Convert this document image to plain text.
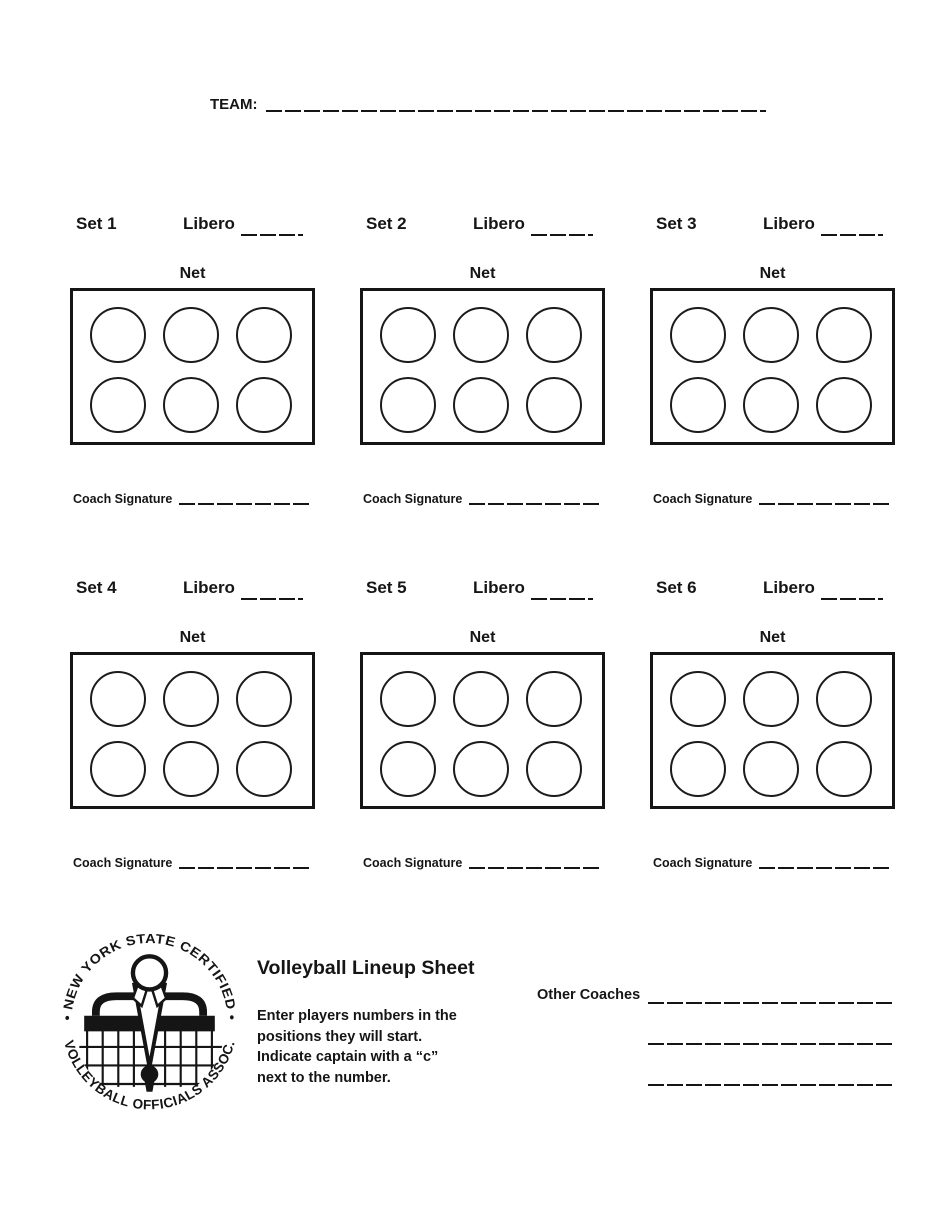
TEAM:
Set 1	Libero
Net
Coach Signature
Set 2	Libero
Net
Coach Signature
Set 3	Libero
Net
Coach Signature
Set 4	Libero
Net
Coach Signature
Set 5	Libero
Net
Coach Signature
Set 6	Libero
Net
Coach Signature
• NEW YORK STATE CERTIFIED •
VOLLEYBALL OFFICIALS ASSOC.
Volleyball Lineup Sheet
Enter players numbers in the
positions they will start.
Indicate captain with a “c”
next to the number.
Other Coaches
